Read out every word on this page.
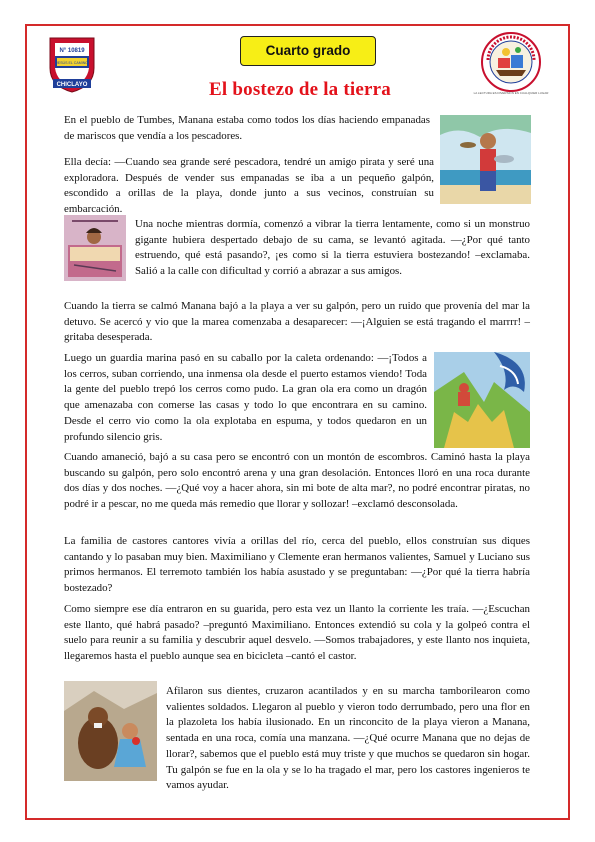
N° 10819
JESÚS EL CAMINO
CHICLAYO
Cuarto grado
LA LECTURA ES DIVERSIÓN EN CUALQUIER LUGAR
El bostezo de la tierra

En el pueblo de Tumbes, Manana estaba como todos los días haciendo empanadas de mariscos que vendía a los pescadores.

Ella decía: —Cuando sea grande seré pescadora, tendré un amigo pirata y seré una exploradora. Después de vender sus empanadas se iba a un pequeño galpón, escondido a orillas de la playa, donde junto a sus vecinos, construían su embarcación.

Una noche mientras dormía, comenzó a vibrar la tierra lentamente, como si un monstruo gigante hubiera despertado debajo de su cama, se levantó agitada. —¿Por qué tanto estruendo, qué está pasando?, ¡es como si la tierra estuviera bostezando! –exclamaba. Salió a la calle con dificultad y corrió a abrazar a sus amigos.

Cuando la tierra se calmó Manana bajó a la playa a ver su galpón, pero un ruido que provenía del mar la detuvo. Se acercó y vio que la marea comenzaba a desaparecer: —¡Alguien se está tragando el marrrr! –gritaba desesperada.

Luego un guardia marina pasó en su caballo por la caleta ordenando: —¡Todos a los cerros, suban corriendo, una inmensa ola desde el puerto estamos viendo! Toda la gente del pueblo trepó los cerros como pudo. La gran ola era como un dragón que amenazaba con comerse las casas y todo lo que encontrara en su camino. Desde el cerro vio como la ola explotaba en espuma, y todos quedaron en un profundo silencio gris.

Cuando amaneció, bajó a su casa pero se encontró con un montón de escombros. Caminó hasta la playa buscando su galpón, pero solo encontró arena y una gran desolación. Entonces lloró en una roca durante dos días y dos noches. —¿Qué voy a hacer ahora, sin mi bote de alta mar?, no podré encontrar piratas, no podré ir a pescar, no me queda más remedio que llorar y sollozar! –exclamó desconsolada.

La familia de castores cantores vivía a orillas del río, cerca del pueblo, ellos construían sus diques cantando y lo pasaban muy bien. Maximiliano y Clemente eran hermanos valientes, Samuel y Luciano sus primos hermanos. El terremoto también los había asustado y se preguntaban: —¿Por qué la tierra habría bostezado?

Como siempre ese día entraron en su guarida, pero esta vez un llanto la corriente les traía. —¿Escuchan este llanto, qué habrá pasado? –preguntó Maximiliano. Entonces extendió su cola y la golpeó contra el suelo para reunir a su familia y descubrir aquel desvelo. —Somos trabajadores, y este llanto nos inquieta, llegaremos hasta el pueblo aunque sea en bicicleta –cantó el castor.

Afilaron sus dientes, cruzaron acantilados y en su marcha tamborilearon como valientes soldados. Llegaron al pueblo y vieron todo derrumbado, pero una flor en la plazoleta los había ilusionado. En un rinconcito de la playa vieron a Manana, sentada en una roca, comía una manzana. —¿Qué ocurre Manana que no dejas de llorar?, sabemos que el pueblo está muy triste y que muchos se quedaron sin hogar. Tu galpón se fue en la ola y se lo ha tragado el mar, pero los castores ingenieros te vamos ayudar.
